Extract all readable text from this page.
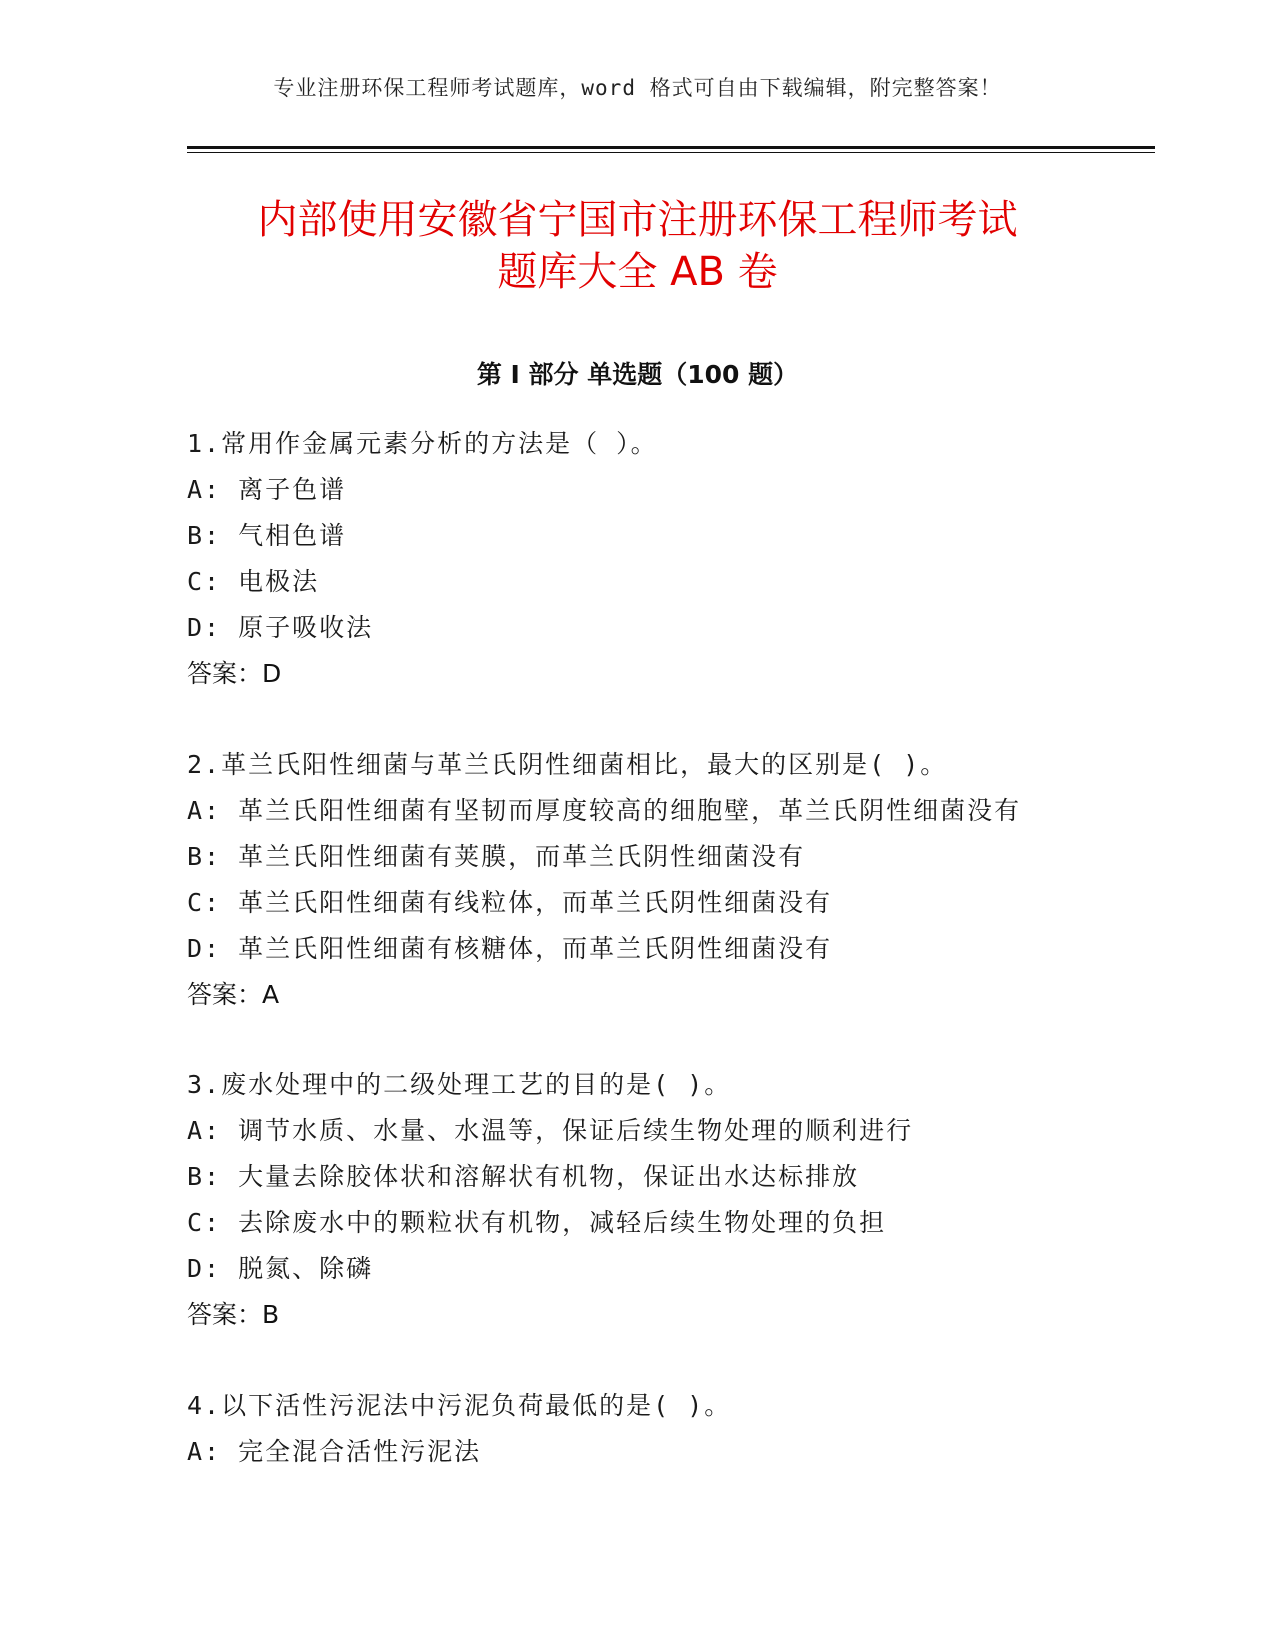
专业注册环保工程师考试题库，word 格式可自由下载编辑，附完整答案！

内部使用安徽省宁国市注册环保工程师考试
题库大全 AB 卷
第 I 部分 单选题（100 题）
1.常用作金属元素分析的方法是（ ）。
A: 离子色谱
B: 气相色谱
C: 电极法
D: 原子吸收法
答案：D
2.革兰氏阳性细菌与革兰氏阴性细菌相比，最大的区别是( )。
A: 革兰氏阳性细菌有坚韧而厚度较高的细胞壁，革兰氏阴性细菌没有
B: 革兰氏阳性细菌有荚膜，而革兰氏阴性细菌没有
C: 革兰氏阳性细菌有线粒体，而革兰氏阴性细菌没有
D: 革兰氏阳性细菌有核糖体，而革兰氏阴性细菌没有
答案：A
3.废水处理中的二级处理工艺的目的是( )。
A: 调节水质、水量、水温等，保证后续生物处理的顺利进行
B: 大量去除胶体状和溶解状有机物，保证出水达标排放
C: 去除废水中的颗粒状有机物，减轻后续生物处理的负担
D: 脱氮、除磷
答案：B
4.以下活性污泥法中污泥负荷最低的是( )。
A: 完全混合活性污泥法
